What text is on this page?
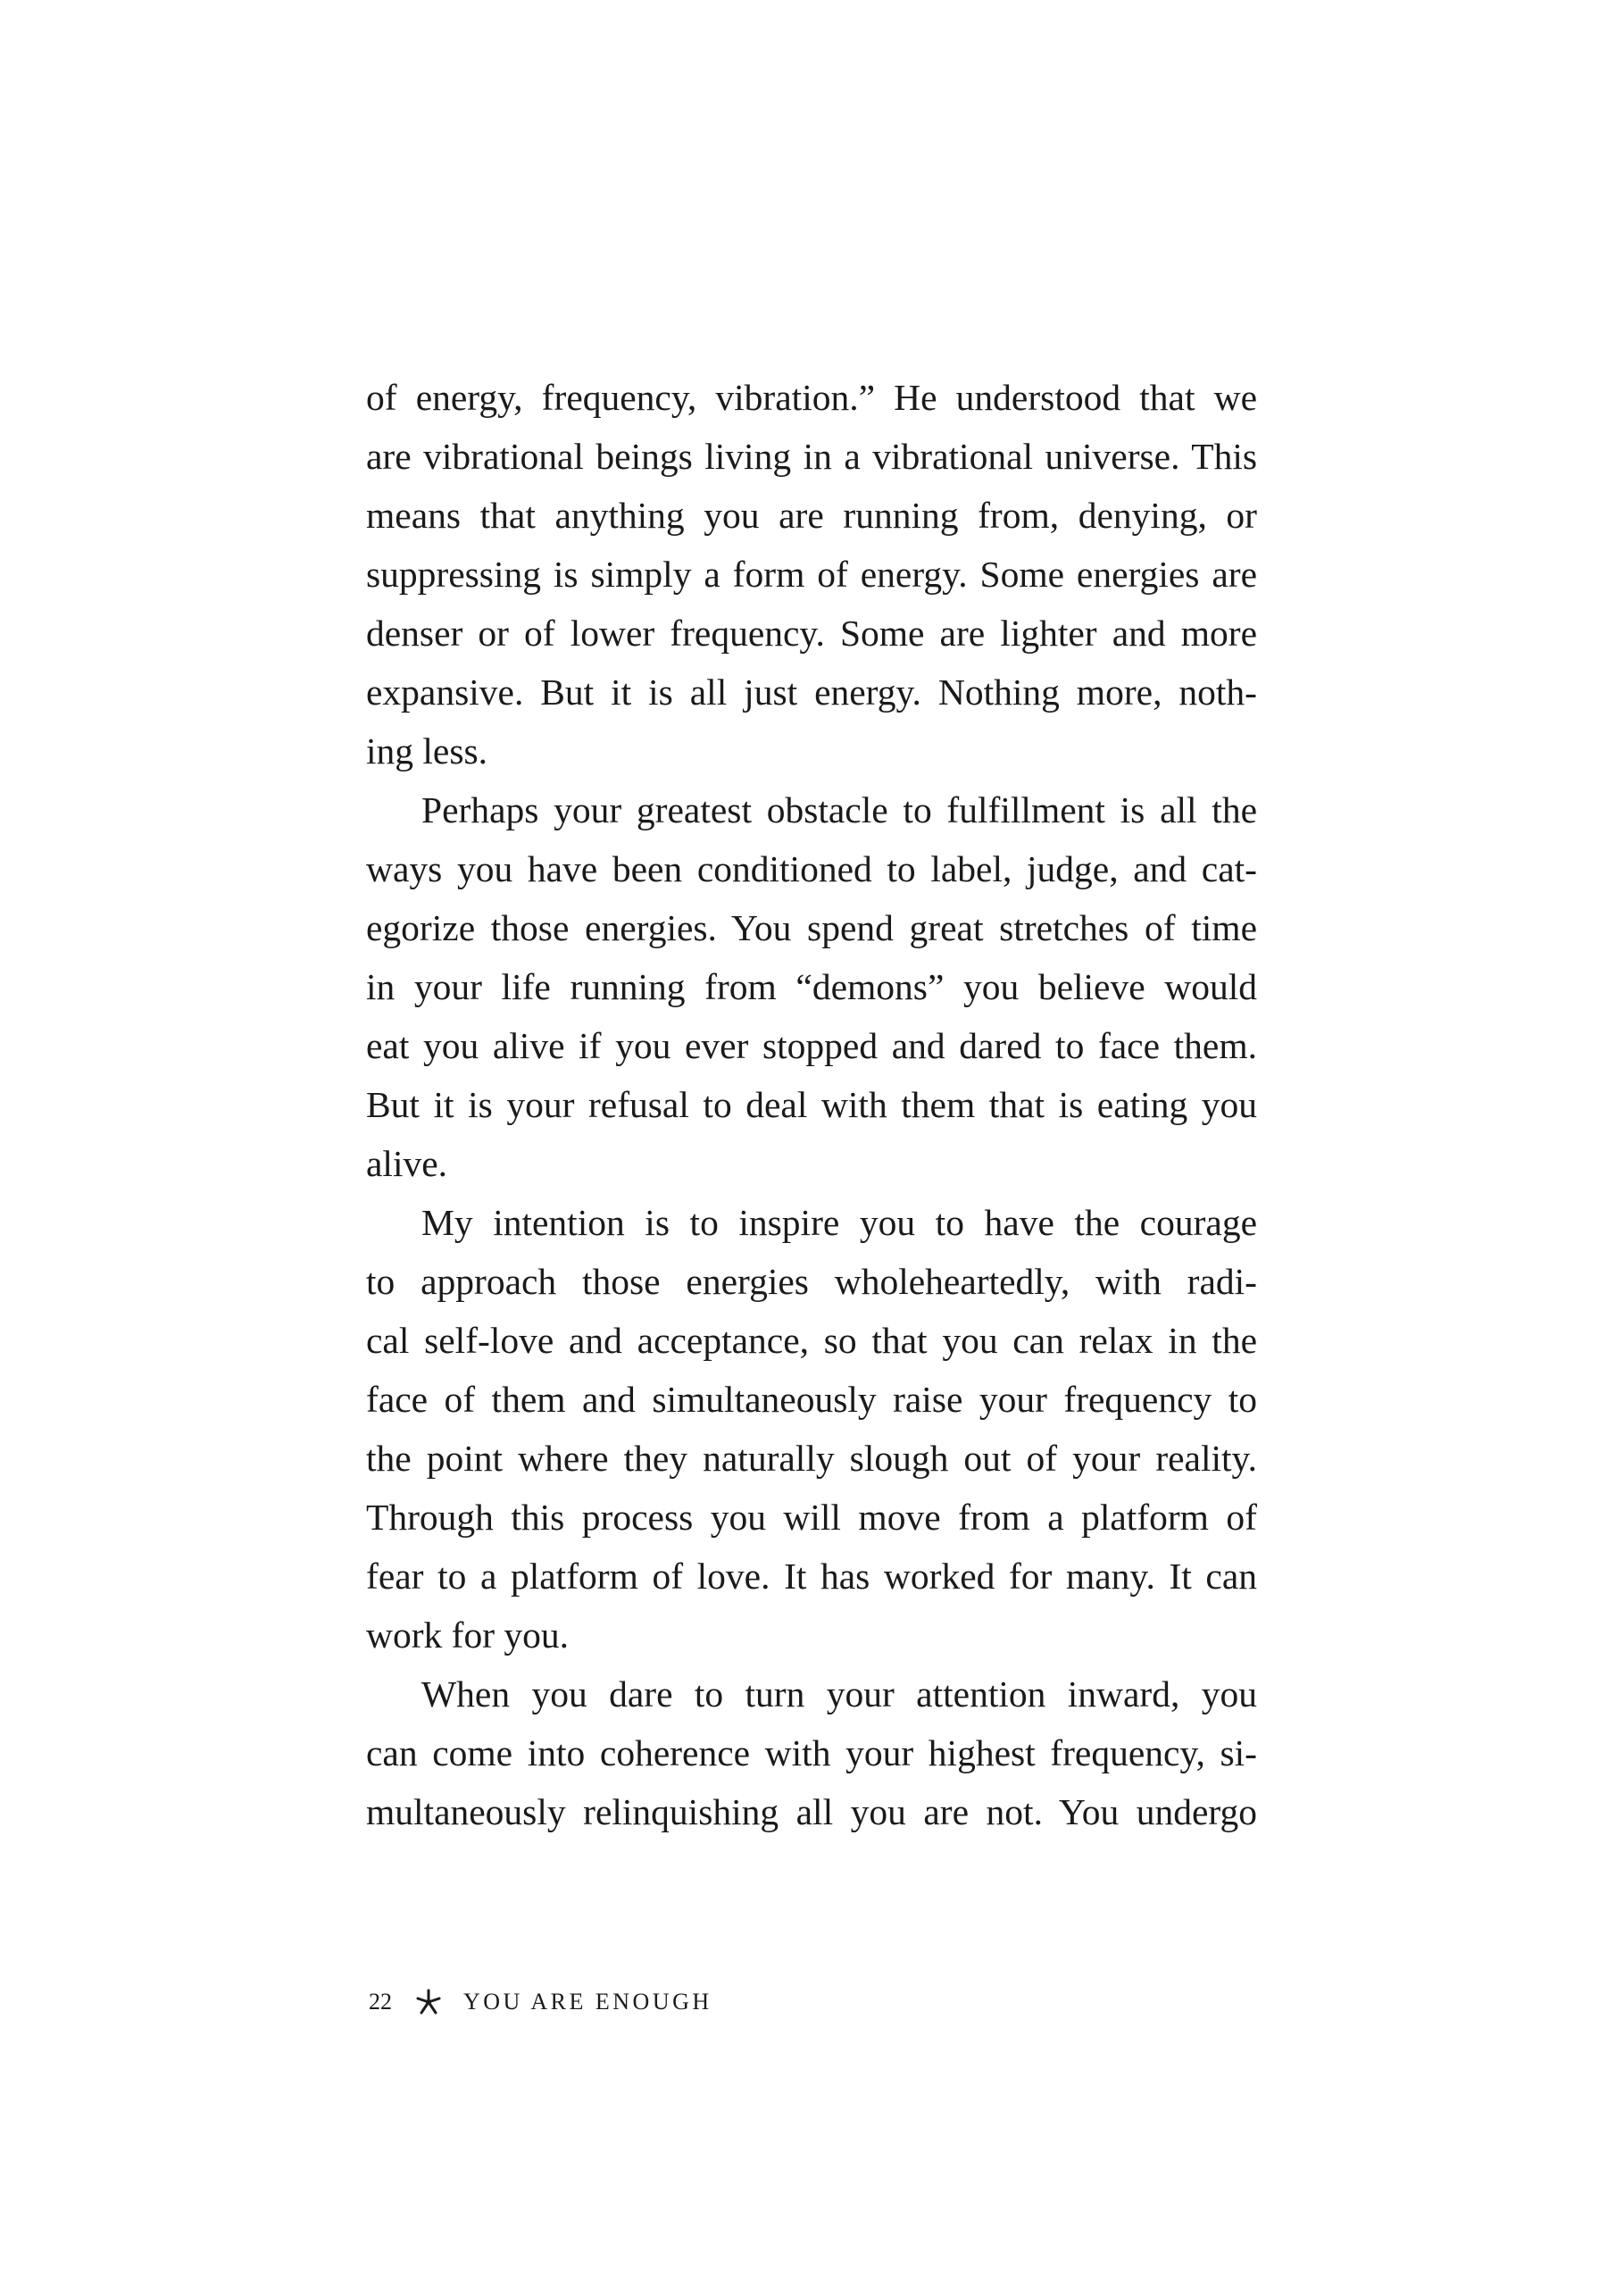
of energy, frequency, vibration.” He understood that we
are vibrational beings living in a vibrational universe. This
means that anything you are running from, denying, or
suppressing is simply a form of energy. Some energies are
denser or of lower frequency. Some are lighter and more
expansive. But it is all just energy. Nothing more, noth-
ing less.
Perhaps your greatest obstacle to fulfillment is all the
ways you have been conditioned to label, judge, and cat-
egorize those energies. You spend great stretches of time
in your life running from “demons” you believe would
eat you alive if you ever stopped and dared to face them.
But it is your refusal to deal with them that is eating you
alive.
My intention is to inspire you to have the courage
to approach those energies wholeheartedly, with radi-
cal self-love and acceptance, so that you can relax in the
face of them and simultaneously raise your frequency to
the point where they naturally slough out of your reality.
Through this process you will move from a platform of
fear to a platform of love. It has worked for many. It can
work for you.
When you dare to turn your attention inward, you
can come into coherence with your highest frequency, si-
multaneously relinquishing all you are not. You undergo
22	YOU ARE ENOUGH
